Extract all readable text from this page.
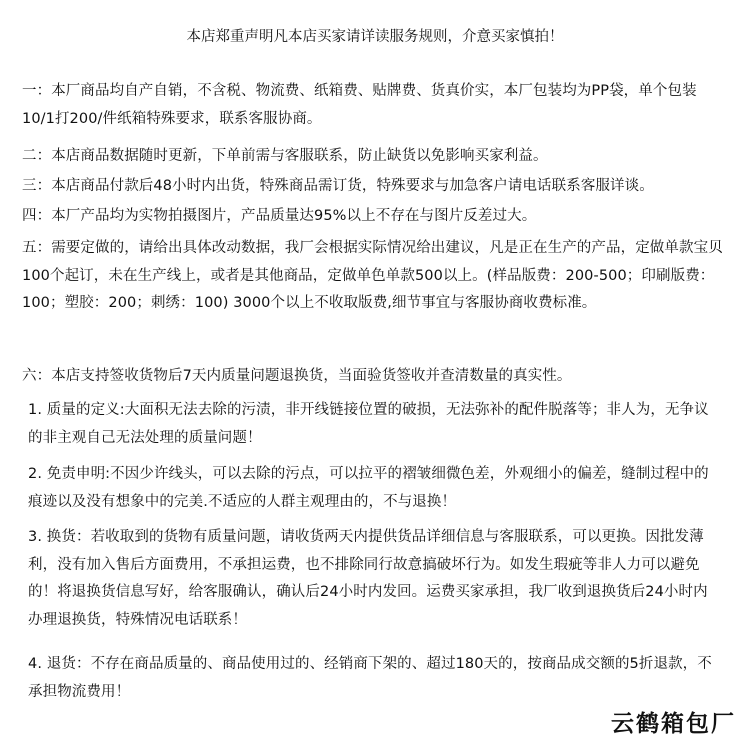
本店郑重声明凡本店买家请详读服务规则，介意买家慎拍！
一：本厂商品均自产自销，不含税、物流费、纸箱费、贴牌费、货真价实，本厂包装均为PP袋，单个包装10/1打200/件纸箱特殊要求，联系客服协商。
二：本店商品数据随时更新，下单前需与客服联系，防止缺货以免影响买家利益。
三：本店商品付款后48小时内出货，特殊商品需订货，特殊要求与加急客户请电话联系客服详谈。
四：本厂产品均为实物拍摄图片，产品质量达95%以上不存在与图片反差过大。
五：需要定做的，请给出具体改动数据，我厂会根据实际情况给出建议，凡是正在生产的产品，定做单款宝贝100个起订，未在生产线上，或者是其他商品，定做单色单款500以上。(样品版费：200-500；印刷版费：100；塑胶：200；刺绣：100) 3000个以上不收取版费,细节事宜与客服协商收费标准。
六：本店支持签收货物后7天内质量问题退换货，当面验货签收并查清数量的真实性。
1. 质量的定义:大面积无法去除的污渍，非开线链接位置的破损，无法弥补的配件脱落等；非人为，无争议的非主观自己无法处理的质量问题！
2. 免责申明:不因少许线头，可以去除的污点，可以拉平的褶皱细微色差，外观细小的偏差，缝制过程中的痕迹以及没有想象中的完美.不适应的人群主观理由的，不与退换！
3. 换货：若收取到的货物有质量问题，请收货两天内提供货品详细信息与客服联系，可以更换。因批发薄利，没有加入售后方面费用，不承担运费，也不排除同行故意搞破坏行为。如发生瑕疵等非人力可以避免的！将退换货信息写好，给客服确认，确认后24小时内发回。运费买家承担，我厂收到退换货后24小时内办理退换货，特殊情况电话联系！
4. 退货：不存在商品质量的、商品使用过的、经销商下架的、超过180天的，按商品成交额的5折退款，不承担物流费用！
云鹤箱包厂
